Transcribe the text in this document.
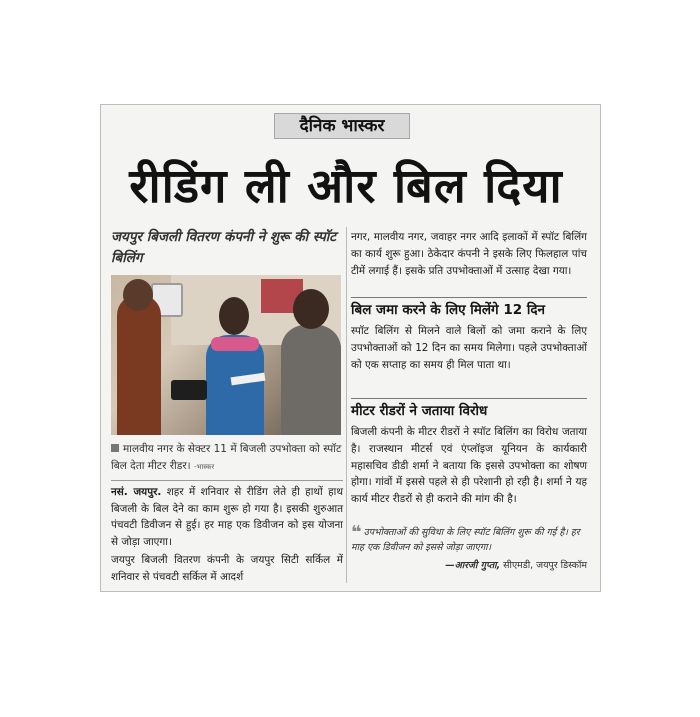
दैनिक भास्कर
रीडिंग ली और बिल दिया
जयपुर बिजली वितरण कंपनी ने शुरू की स्पॉट बिलिंग
मालवीय नगर के सेक्टर 11 में बिजली उपभोक्ता को स्पॉट बिल देता मीटर रीडर। -भास्कर

नसं. जयपुर. शहर में शनिवार से रीडिंग लेते ही हाथों हाथ बिजली के बिल देने का काम शुरू हो गया है। इसकी शुरुआत पंचवटी डिवीजन से हुई। हर माह एक डिवीजन को इस योजना से जोड़ा जाएगा।

जयपुर बिजली वितरण कंपनी के जयपुर सिटी सर्किल में शनिवार से पंचवटी सर्किल में आदर्श

नगर, मालवीय नगर, जवाहर नगर आदि इलाकों में स्पॉट बिलिंग का कार्य शुरू हुआ। ठेकेदार कंपनी ने इसके लिए फिलहाल पांच टीमें लगाई हैं। इसके प्रति उपभोक्ताओं में उत्साह देखा गया।

बिल जमा करने के लिए मिलेंगे 12 दिन

स्पॉट बिलिंग से मिलने वाले बिलों को जमा कराने के लिए उपभोक्ताओं को 12 दिन का समय मिलेगा। पहले उपभोक्ताओं को एक सप्ताह का समय ही मिल पाता था।

मीटर रीडरों ने जताया विरोध

बिजली कंपनी के मीटर रीडरों ने स्पॉट बिलिंग का विरोध जताया है। राजस्थान मीटर्स एवं एंप्लॉइज यूनियन के कार्यकारी महासचिव डीडी शर्मा ने बताया कि इससे उपभोक्ता का शोषण होगा। गांवों में इससे पहले से ही परेशानी हो रही है। शर्मा ने यह कार्य मीटर रीडरों से ही कराने की मांग की है।

❝ उपभोक्ताओं की सुविधा के लिए स्पॉट बिलिंग शुरू की गई है। हर माह एक डिवीजन को इससे जोड़ा जाएगा।
—आरजी गुप्ता, सीएमडी, जयपुर डिस्कॉम
